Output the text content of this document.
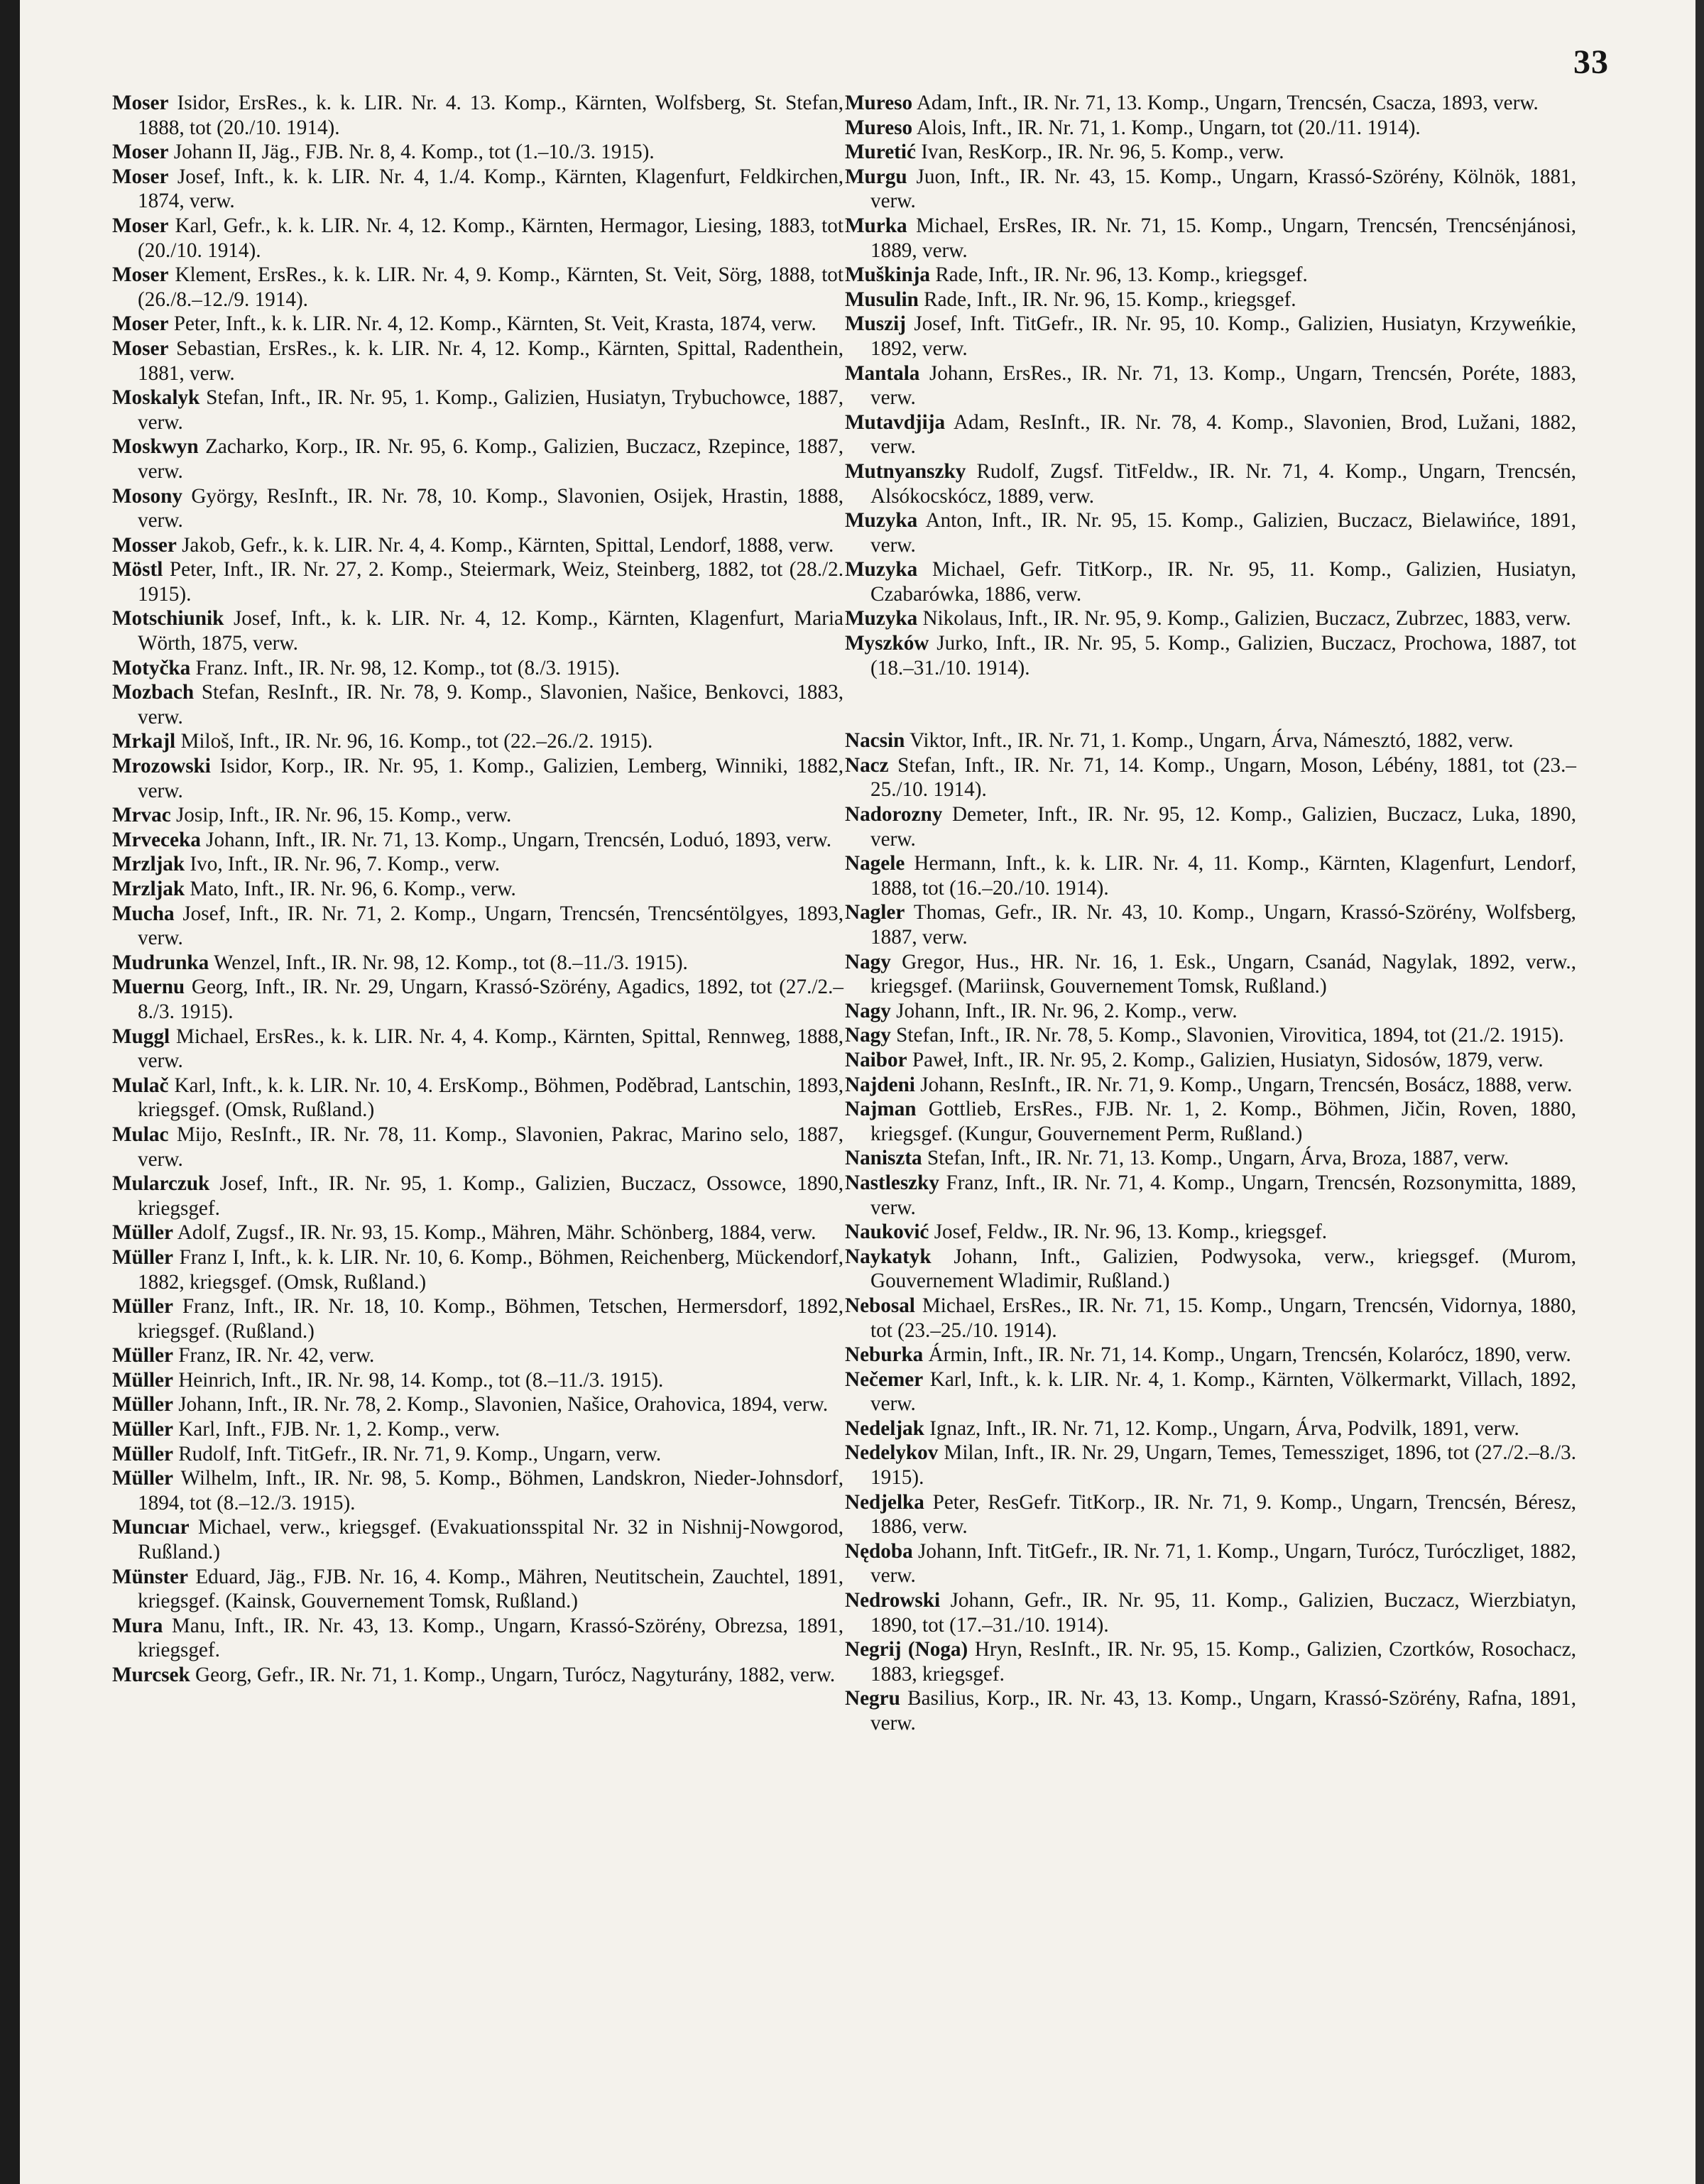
33

Moser Isidor, ErsRes., k. k. LIR. Nr. 4. 13. Komp., Kärnten, Wolfsberg, St. Stefan, 1888, tot (20./10. 1914).

Moser Johann II, Jäg., FJB. Nr. 8, 4. Komp., tot (1.–10./3. 1915).

Moser Josef, Inft., k. k. LIR. Nr. 4, 1./4. Komp., Kärnten, Klagenfurt, Feldkirchen, 1874, verw.

Moser Karl, Gefr., k. k. LIR. Nr. 4, 12. Komp., Kärnten, Hermagor, Liesing, 1883, tot (20./10. 1914).

Moser Klement, ErsRes., k. k. LIR. Nr. 4, 9. Komp., Kärnten, St. Veit, Sörg, 1888, tot (26./8.–12./9. 1914).

Moser Peter, Inft., k. k. LIR. Nr. 4, 12. Komp., Kärnten, St. Veit, Krasta, 1874, verw.

Moser Sebastian, ErsRes., k. k. LIR. Nr. 4, 12. Komp., Kärnten, Spittal, Radenthein, 1881, verw.

Moskalyk Stefan, Inft., IR. Nr. 95, 1. Komp., Galizien, Husiatyn, Trybuchowce, 1887, verw.

Moskwyn Zacharko, Korp., IR. Nr. 95, 6. Komp., Galizien, Buczacz, Rzepince, 1887, verw.

Mosony György, ResInft., IR. Nr. 78, 10. Komp., Slavonien, Osijek, Hrastin, 1888, verw.

Mosser Jakob, Gefr., k. k. LIR. Nr. 4, 4. Komp., Kärnten, Spittal, Lendorf, 1888, verw.

Möstl Peter, Inft., IR. Nr. 27, 2. Komp., Steiermark, Weiz, Steinberg, 1882, tot (28./2. 1915).

Motschiunik Josef, Inft., k. k. LIR. Nr. 4, 12. Komp., Kärnten, Klagenfurt, Maria Wörth, 1875, verw.

Motyčka Franz. Inft., IR. Nr. 98, 12. Komp., tot (8./3. 1915).

Mozbach Stefan, ResInft., IR. Nr. 78, 9. Komp., Slavonien, Našice, Benkovci, 1883, verw.

Mrkajl Miloš, Inft., IR. Nr. 96, 16. Komp., tot (22.–26./2. 1915).

Mrozowski Isidor, Korp., IR. Nr. 95, 1. Komp., Galizien, Lemberg, Winniki, 1882, verw.

Mrvac Josip, Inft., IR. Nr. 96, 15. Komp., verw.

Mrveceka Johann, Inft., IR. Nr. 71, 13. Komp., Ungarn, Trencsén, Loduó, 1893, verw.

Mrzljak Ivo, Inft., IR. Nr. 96, 7. Komp., verw.

Mrzljak Mato, Inft., IR. Nr. 96, 6. Komp., verw.

Mucha Josef, Inft., IR. Nr. 71, 2. Komp., Ungarn, Trencsén, Trencséntölgyes, 1893, verw.

Mudrunka Wenzel, Inft., IR. Nr. 98, 12. Komp., tot (8.–11./3. 1915).

Muernu Georg, Inft., IR. Nr. 29, Ungarn, Krassó-Szörény, Agadics, 1892, tot (27./2.–8./3. 1915).

Muggl Michael, ErsRes., k. k. LIR. Nr. 4, 4. Komp., Kärnten, Spittal, Rennweg, 1888, verw.

Mulač Karl, Inft., k. k. LIR. Nr. 10, 4. ErsKomp., Böhmen, Poděbrad, Lantschin, 1893, kriegsgef. (Omsk, Rußland.)

Mulac Mijo, ResInft., IR. Nr. 78, 11. Komp., Slavonien, Pakrac, Marino selo, 1887, verw.

Mularczuk Josef, Inft., IR. Nr. 95, 1. Komp., Galizien, Buczacz, Ossowce, 1890, kriegsgef.

Müller Adolf, Zugsf., IR. Nr. 93, 15. Komp., Mähren, Mähr. Schönberg, 1884, verw.

Müller Franz I, Inft., k. k. LIR. Nr. 10, 6. Komp., Böhmen, Reichenberg, Mückendorf, 1882, kriegsgef. (Omsk, Rußland.)

Müller Franz, Inft., IR. Nr. 18, 10. Komp., Böhmen, Tetschen, Hermersdorf, 1892, kriegsgef. (Rußland.)

Müller Franz, IR. Nr. 42, verw.

Müller Heinrich, Inft., IR. Nr. 98, 14. Komp., tot (8.–11./3. 1915).

Müller Johann, Inft., IR. Nr. 78, 2. Komp., Slavonien, Našice, Orahovica, 1894, verw.

Müller Karl, Inft., FJB. Nr. 1, 2. Komp., verw.

Müller Rudolf, Inft. TitGefr., IR. Nr. 71, 9. Komp., Ungarn, verw.

Müller Wilhelm, Inft., IR. Nr. 98, 5. Komp., Böhmen, Landskron, Nieder-Johnsdorf, 1894, tot (8.–12./3. 1915).

Muncıar Michael, verw., kriegsgef. (Evakuationsspital Nr. 32 in Nishnij-Nowgorod, Rußland.)

Münster Eduard, Jäg., FJB. Nr. 16, 4. Komp., Mähren, Neutitschein, Zauchtel, 1891, kriegsgef. (Kainsk, Gouvernement Tomsk, Rußland.)

Mura Manu, Inft., IR. Nr. 43, 13. Komp., Ungarn, Krassó-Szörény, Obrezsa, 1891, kriegsgef.

Murcsek Georg, Gefr., IR. Nr. 71, 1. Komp., Ungarn, Turócz, Nagyturány, 1882, verw.

Mureso Adam, Inft., IR. Nr. 71, 13. Komp., Ungarn, Trencsén, Csacza, 1893, verw.

Mureso Alois, Inft., IR. Nr. 71, 1. Komp., Ungarn, tot (20./11. 1914).

Muretić Ivan, ResKorp., IR. Nr. 96, 5. Komp., verw.

Murgu Juon, Inft., IR. Nr. 43, 15. Komp., Ungarn, Krassó-Szörény, Kölnök, 1881, verw.

Murka Michael, ErsRes, IR. Nr. 71, 15. Komp., Ungarn, Trencsén, Trencsénjánosi, 1889, verw.

Muškinja Rade, Inft., IR. Nr. 96, 13. Komp., kriegsgef.

Musulin Rade, Inft., IR. Nr. 96, 15. Komp., kriegsgef.

Muszij Josef, Inft. TitGefr., IR. Nr. 95, 10. Komp., Galizien, Husiatyn, Krzyweńkie, 1892, verw.

Mantala Johann, ErsRes., IR. Nr. 71, 13. Komp., Ungarn, Trencsén, Poréte, 1883, verw.

Mutavdjija Adam, ResInft., IR. Nr. 78, 4. Komp., Slavonien, Brod, Lužani, 1882, verw.

Mutnyanszky Rudolf, Zugsf. TitFeldw., IR. Nr. 71, 4. Komp., Ungarn, Trencsén, Alsókocskócz, 1889, verw.

Muzyka Anton, Inft., IR. Nr. 95, 15. Komp., Galizien, Buczacz, Bielawińce, 1891, verw.

Muzyka Michael, Gefr. TitKorp., IR. Nr. 95, 11. Komp., Galizien, Husiatyn, Czabarówka, 1886, verw.

Muzyka Nikolaus, Inft., IR. Nr. 95, 9. Komp., Galizien, Buczacz, Zubrzec, 1883, verw.

Myszków Jurko, Inft., IR. Nr. 95, 5. Komp., Galizien, Buczacz, Prochowa, 1887, tot (18.–31./10. 1914).

Nacsin Viktor, Inft., IR. Nr. 71, 1. Komp., Ungarn, Árva, Námesztó, 1882, verw.

Nacz Stefan, Inft., IR. Nr. 71, 14. Komp., Ungarn, Moson, Lébény, 1881, tot (23.–25./10. 1914).

Nadorozny Demeter, Inft., IR. Nr. 95, 12. Komp., Galizien, Buczacz, Luka, 1890, verw.

Nagele Hermann, Inft., k. k. LIR. Nr. 4, 11. Komp., Kärnten, Klagenfurt, Lendorf, 1888, tot (16.–20./10. 1914).

Nagler Thomas, Gefr., IR. Nr. 43, 10. Komp., Ungarn, Krassó-Szörény, Wolfsberg, 1887, verw.

Nagy Gregor, Hus., HR. Nr. 16, 1. Esk., Ungarn, Csanád, Nagylak, 1892, verw., kriegsgef. (Mariinsk, Gouvernement Tomsk, Rußland.)

Nagy Johann, Inft., IR. Nr. 96, 2. Komp., verw.

Nagy Stefan, Inft., IR. Nr. 78, 5. Komp., Slavonien, Virovitica, 1894, tot (21./2. 1915).

Naibor Paweł, Inft., IR. Nr. 95, 2. Komp., Galizien, Husiatyn, Sidosów, 1879, verw.

Najdeni Johann, ResInft., IR. Nr. 71, 9. Komp., Ungarn, Trencsén, Bosácz, 1888, verw.

Najman Gottlieb, ErsRes., FJB. Nr. 1, 2. Komp., Böhmen, Jičin, Roven, 1880, kriegsgef. (Kungur, Gouvernement Perm, Rußland.)

Naniszta Stefan, Inft., IR. Nr. 71, 13. Komp., Ungarn, Árva, Broza, 1887, verw.

Nastleszky Franz, Inft., IR. Nr. 71, 4. Komp., Ungarn, Trencsén, Rozsonymitta, 1889, verw.

Nauković Josef, Feldw., IR. Nr. 96, 13. Komp., kriegsgef.

Naykatyk Johann, Inft., Galizien, Podwysoka, verw., kriegsgef. (Murom, Gouvernement Wladimir, Rußland.)

Nebosal Michael, ErsRes., IR. Nr. 71, 15. Komp., Ungarn, Trencsén, Vidornya, 1880, tot (23.–25./10. 1914).

Neburka Ármin, Inft., IR. Nr. 71, 14. Komp., Ungarn, Trencsén, Kolarócz, 1890, verw.

Nečemer Karl, Inft., k. k. LIR. Nr. 4, 1. Komp., Kärnten, Völkermarkt, Villach, 1892, verw.

Nedeljak Ignaz, Inft., IR. Nr. 71, 12. Komp., Ungarn, Árva, Podvilk, 1891, verw.

Nedelykov Milan, Inft., IR. Nr. 29, Ungarn, Temes, Temessziget, 1896, tot (27./2.–8./3. 1915).

Nedjelka Peter, ResGefr. TitKorp., IR. Nr. 71, 9. Komp., Ungarn, Trencsén, Béresz, 1886, verw.

Nędoba Johann, Inft. TitGefr., IR. Nr. 71, 1. Komp., Ungarn, Turócz, Turóczliget, 1882, verw.

Nedrowski Johann, Gefr., IR. Nr. 95, 11. Komp., Galizien, Buczacz, Wierzbiatyn, 1890, tot (17.–31./10. 1914).

Negrij (Noga) Hryn, ResInft., IR. Nr. 95, 15. Komp., Galizien, Czortków, Rosochacz, 1883, kriegsgef.

Negru Basilius, Korp., IR. Nr. 43, 13. Komp., Ungarn, Krassó-Szörény, Rafna, 1891, verw.
